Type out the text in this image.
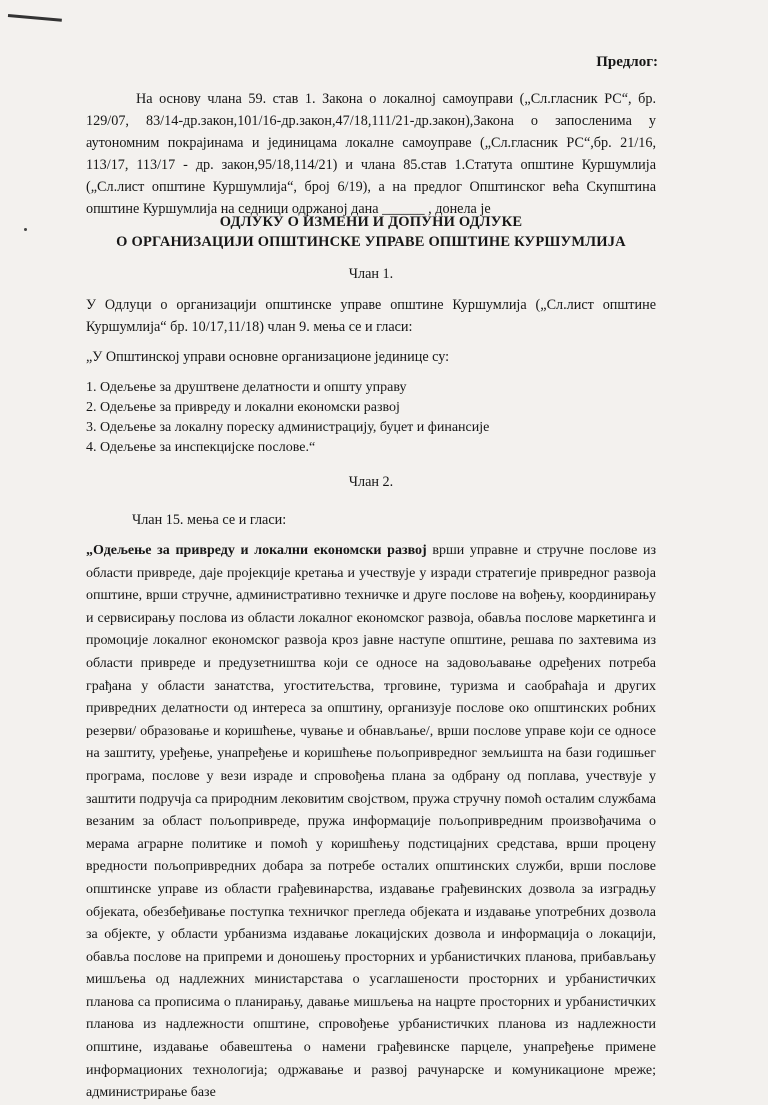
Предлог:

На основу члана 59. став 1. Закона о локалној самоуправи („Сл.гласник РС“, бр. 129/07, 83/14-др.закон,101/16-др.закон,47/18,111/21-др.закон),Закона о запосленима у аутономним покрајинама и јединицама локалне самоуправе („Сл.гласник РС“,бр. 21/16, 113/17, 113/17 - др. закон,95/18,114/21) и члана 85.став 1.Статута општине Куршумлија („Сл.лист општине Куршумлија“, број 6/19), а на предлог Општинског већа Скупштина општине Куршумлија на седници одржаној дана ______ , донела је

ОДЛУКУ О ИЗМЕНИ И ДОПУНИ ОДЛУКЕ
О ОРГАНИЗАЦИЈИ ОПШТИНСКЕ УПРАВЕ ОПШТИНЕ КУРШУМЛИЈА
Члан 1.

У Одлуци о организацији општинске управе општине Куршумлија („Сл.лист општине Куршумлија“ бр. 10/17,11/18) члан 9. мења се и гласи:

„У Општинској управи основне организационе јединице су:

1. Одељење за друштвене делатности и општу управу
2. Одељење за привреду и локални економски развој
3. Одељење за локалну пореску администрацију, буџет и финансије
4. Одељење за инспекцијске послове.“
Члан 2.
Члан 15. мења се и гласи:
„Одељење за привреду и локални економски развој врши управне и стручне послове из области привреде, даје пројекције кретања и учествује у изради стратегије привредног развоја општине, врши стручне, административно техничке и друге послове на вођењу, координирању и сервисирању послова из области локалног економског развоја, обавља послове маркетинга и промоције локалног економског развоја кроз јавне наступе општине, решава по захтевима из области привреде и предузетништва који се односе на задовољавање одређених потреба грађана у области занатства, угоститељства, трговине, туризма и саобраћаја и других привредних делатности од интереса за општину, организује послове око општинских робних резерви/ образовање и коришћење, чување и обнављање/, врши послове управе који се односе на заштиту, уређење, унапређење и коришћење пољопривредног земљишта на бази годишњег програма, послове у вези израде и спровођења плана за одбрану од поплава, учествује у заштити подручја са природним лековитим својством, пружа стручну помоћ осталим службама везаним за област пољопривреде, пружа информације пољопривредним произвођачима о мерама аграрне политике и помоћ у коришћењу подстицајних средстава, врши процену вредности пољопривредних добара за потребе осталих општинских служби, врши послове општинске управе из области грађевинарства, издавање грађевинских дозвола за изградњу објеката, обезбеђивање поступка техничког прегледа објеката и издавање употребних дозвола за објекте, у области урбанизма издавање локацијских дозвола и информација о локацији, обавља послове на припреми и доношењу просторних и урбанистичких планова, прибављању мишљења од надлежних министарстава о усаглашености просторних и урбанистичких планова са прописима о планирању, давање мишљења на нацрте просторних и урбанистичких планова из надлежности општине, спровођење урбанистичких планова из надлежности општине, издавање обавештења о намени грађевинске парцеле, унапређење примене информационих технологија; одржавање и развој рачунарске и комуникационе мреже; администрирање базе
